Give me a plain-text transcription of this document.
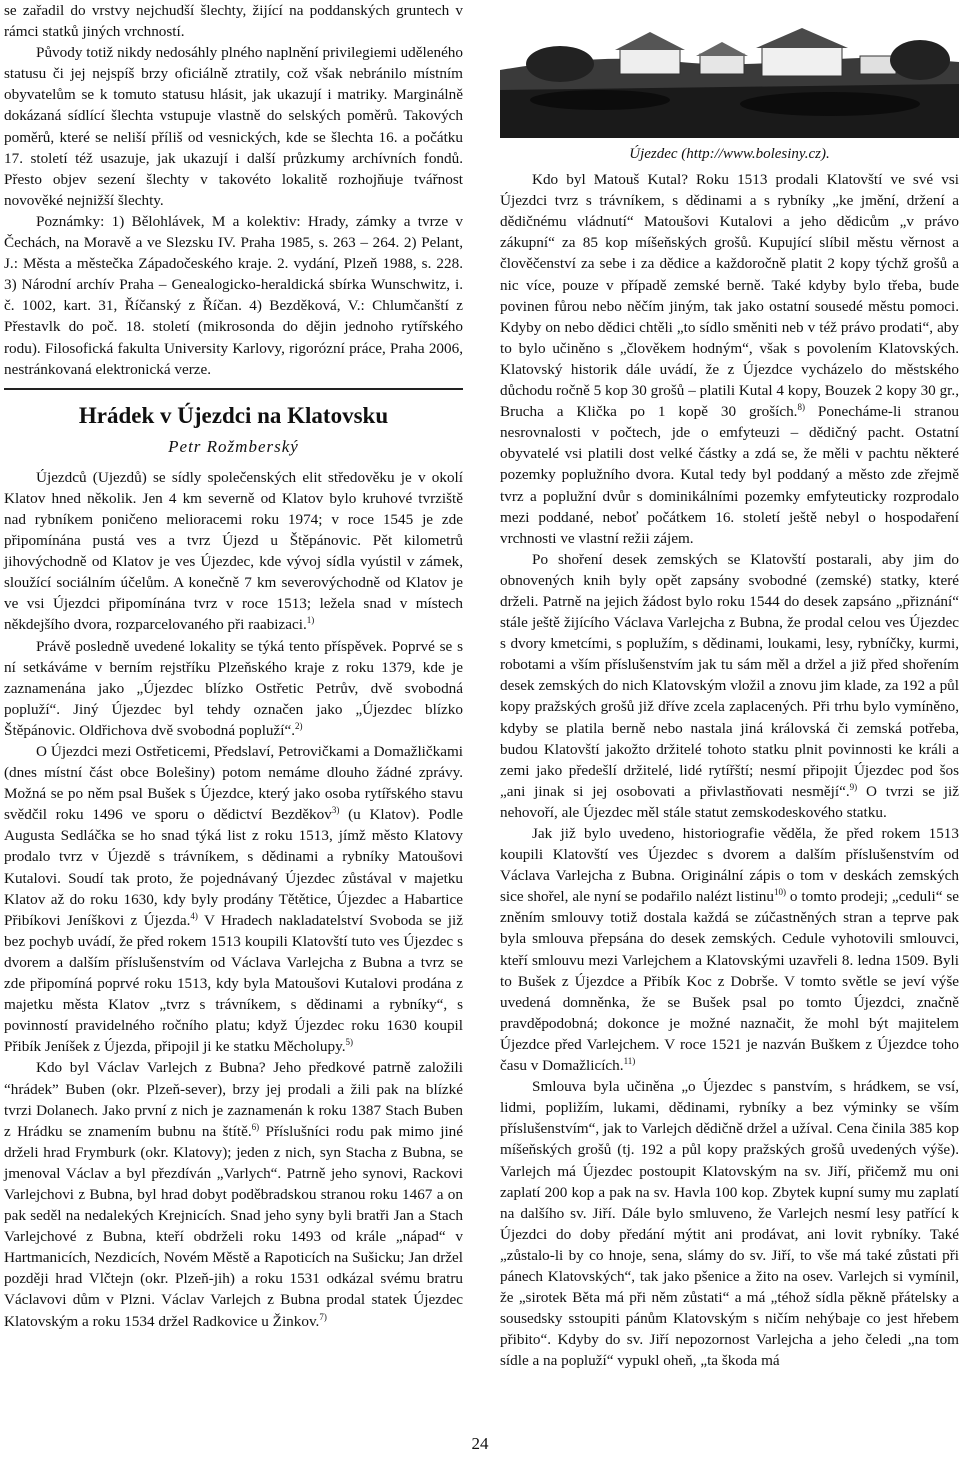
se zařadil do vrstvy nejchudší šlechty, žijící na poddanských gruntech v rámci statků jiných vrchností.

Původy totiž nikdy nedosáhly plného naplnění privilegiemi uděleného statusu či jej nejspíš brzy oficiálně ztratily, což však nebránilo místním obyvatelům se k tomuto statusu hlásit, jak ukazují i matriky. Marginálně dokázaná sídlící šlechta vstupuje vlastně do selských poměrů. Takových poměrů, které se neliší příliš od vesnických, kde se šlechta 16. a počátku 17. století též usazuje, jak ukazují i další průzkumy archívních fondů. Přesto objev sezení šlechty v takovéto lokalitě rozhojňuje tvářnost novověké nejnižší šlechty.

Poznámky: 1) Bělohlávek, M a kolektiv: Hrady, zámky a tvrze v Čechách, na Moravě a ve Slezsku IV. Praha 1985, s. 263 – 264. 2) Pelant, J.: Města a městečka Západočeského kraje. 2. vydání, Plzeň 1988, s. 228. 3) Národní archív Praha – Genealogicko-heraldická sbírka Wunschwitz, i. č. 1002, kart. 31, Říčanský z Říčan. 4) Bezděková, V.: Chlumčanští z Přestavlk do poč. 18. století (mikrosonda do dějin jednoho rytířského rodu). Filosofická fakulta University Karlovy, rigorózní práce, Praha 2006, nestránkovaná elektronická verze.

Hrádek v Újezdci na Klatovsku
Petr Rožmberský

Újezdců (Ujezdů) se sídly společenských elit středověku je v okolí Klatov hned několik. Jen 4 km severně od Klatov bylo kruhové tvrziště nad rybníkem poničeno melioracemi roku 1974; v roce 1545 je zde připomínána pustá ves a tvrz Újezd u Štěpánovic. Pět kilometrů jihovýchodně od Klatov je ves Újezdec, kde vývoj sídla vyústil v zámek, sloužící sociálním účelům. A konečně 7 km severovýchodně od Klatov je ve vsi Újezdci připomínána tvrz v roce 1513; ležela snad v místech někdejšího dvora, rozparcelovaného při raabizaci.$^{1)}$

Právě posledně uvedené lokality se týká tento příspěvek. Poprvé se s ní setkáváme v berním rejstříku Plzeňského kraje z roku 1379, kde je zaznamenána jako „Újezdec blízko Ostřetic Petrův, dvě svobodná popluží“. Jiný Újezdec byl tehdy označen jako „Újezdec blízko Štěpánovic. Oldřichova dvě svobodná popluží“.$^{2)}$

O Újezdci mezi Ostřeticemi, Předslaví, Petrovičkami a Domažličkami (dnes místní část obce Bolešiny) potom nemáme dlouho žádné zprávy. Možná se po něm psal Bušek s Újezdce, který jako osoba rytířského stavu svědčil roku 1496 ve sporu o dědictví Bezděkov$^{3)}$ (u Klatov). Podle Augusta Sedláčka se ho snad týká list z roku 1513, jímž město Klatovy prodalo tvrz v Újezdě s trávníkem, s dědinami a rybníky Matoušovi Kutalovi. Soudí tak proto, že pojednávaný Újezdec zůstával v majetku Klatov až do roku 1630, kdy byly prodány Tětětice, Újezdec a Habartice Přibíkovi Jeníškovi z Újezda.$^{4)}$ V Hradech nakladatelství Svoboda se již bez pochyb uvádí, že před rokem 1513 koupili Klatovští tuto ves Újezdec s dvorem a dalším příslušenstvím od Václava Varlejcha z Bubna a tvrz se zde připomíná poprvé roku 1513, kdy byla Matoušovi Kutalovi prodána z majetku města Klatov „tvrz s trávníkem, s dědinami a rybníky“, s povinností pravidelného ročního platu; když Újezdec roku 1630 koupil Přibík Jeníšek z Újezda, připojil ji ke statku Měcholupy.$^{5)}$

Kdo byl Václav Varlejch z Bubna? Jeho předkové patrně založili “hrádek” Buben (okr. Plzeň-sever), brzy jej prodali a žili pak na blízké tvrzi Dolanech. Jako první z nich je zaznamenán k roku 1387 Stach Buben z Hrádku se znamením bubnu na štítě.$^{6)}$ Příslušníci rodu pak mimo jiné drželi hrad Frymburk (okr. Klatovy); jeden z nich, syn Stacha z Bubna, se jmenoval Václav a byl přezdíván „Varlych“. Patrně jeho synovi, Rackovi Varlejchovi z Bubna, byl hrad dobyt poděbradskou stranou roku 1467 a on pak seděl na nedalekých Krejnicích. Snad jeho syny byli bratři Jan a Stach Varlejchové z Bubna, kteří obdrželi roku 1493 od krále „nápad“ v Hartmanicích, Nezdicích, Novém Městě a Rapoticích na Sušicku; Jan držel později hrad Vlčtejn (okr. Plzeň-jih) a roku 1531 odkázal svému bratru Václavovi dům v Plzni. Václav Varlejch z Bubna prodal statek Újezdec Klatovským a roku 1534 držel Radkovice u Žinkov.$^{7)}$

Újezdec (http://www.bolesiny.cz).

Kdo byl Matouš Kutal? Roku 1513 prodali Klatovští ve své vsi Újezdci tvrz s trávníkem, s dědinami a s rybníky „ke jmění, držení a dědičnému vládnutí“ Matoušovi Kutalovi a jeho dědicům „v právo zákupní“ za 85 kop míšeňských grošů. Kupující slíbil městu věrnost a člověčenství za sebe i za dědice a každoročně platit 2 kopy týchž grošů a nic více, pouze v případě zemské berně. Také kdyby bylo třeba, bude povinen fůrou nebo něčím jiným, tak jako ostatní sousedé městu pomoci. Kdyby on nebo dědici chtěli „to sídlo směniti neb v též právo prodati“, aby to bylo učiněno s „člověkem hodným“, však s povolením Klatovských. Klatovský historik dále uvádí, že z Újezdce vycházelo do městského důchodu ročně 5 kop 30 grošů – platili Kutal 4 kopy, Bouzek 2 kopy 30 gr., Brucha a Klička po 1 kopě 30 groších.$^{8)}$ Ponecháme-li stranou nesrovnalosti v počtech, jde o emfyteuzi – dědičný pacht. Ostatní obyvatelé vsi platili dost velké částky a zdá se, že měli v pachtu některé pozemky poplužního dvora. Kutal tedy byl poddaný a město zde zřejmě tvrz a poplužní dvůr s dominikálními pozemky emfyteuticky rozprodalo mezi poddané, neboť počátkem 16. století ještě nebyl o hospodaření vrchnosti ve vlastní režii zájem.

Po shoření desek zemských se Klatovští postarali, aby jim do obnovených knih byly opět zapsány svobodné (zemské) statky, které drželi. Patrně na jejich žádost bylo roku 1544 do desek zapsáno „přiznání“ stále ještě žijícího Václava Varlejcha z Bubna, že prodal celou ves Újezdec s dvory kmetcími, s poplužím, s dědinami, loukami, lesy, rybníčky, kurmi, robotami a vším příslušenstvím jak tu sám měl a držel a již před shořením desek zemských do nich Klatovským vložil a znovu jim klade, za 192 a půl kopy pražských grošů již dříve zcela zaplacených. Při trhu bylo vymíněno, kdyby se platila berně nebo nastala jiná královská či zemská potřeba, budou Klatovští jakožto držitelé tohoto statku plnit povinnosti ke králi a zemi jako předešlí držitelé, lidé rytířští; nesmí připojit Újezdec pod šos „ani jinak si jej osobovati a přivlastňovati nesmějí“.$^{9)}$ O tvrzi se již nehovoří, ale Újezdec měl stále statut zemskodeskového statku.

Jak již bylo uvedeno, historiografie věděla, že před rokem 1513 koupili Klatovští ves Újezdec s dvorem a dalším příslušenstvím od Václava Varlejcha z Bubna. Originální zápis o tom v deskách zemských sice shořel, ale nyní se podařilo nalézt listinu$^{10)}$ o tomto prodeji; „ceduli“ se zněním smlouvy totiž dostala každá se zúčastněných stran a teprve pak byla smlouva přepsána do desek zemských. Cedule vyhotovili smlouvci, kteří smlouvu mezi Varlejchem a Klatovskými uzavřeli 8. ledna 1509. Byli to Bušek z Újezdce a Přibík Koc z Dobrše. V tomto světle se jeví výše uvedená domněnka, že se Bušek psal po tomto Újezdci, značně pravděpodobná; dokonce je možné naznačit, že mohl být majitelem Újezdce před Varlejchem. V roce 1521 je nazván Buškem z Újezdce toho času v Domažlicích.$^{11)}$

Smlouva byla učiněna „o Újezdec s panstvím, s hrádkem, se vsí, lidmi, popližím, lukami, dědinami, rybníky a bez výminky se vším příslušenstvím“, jak to Varlejch dědičně držel a užíval. Cena činila 385 kop míšeňských grošů (tj. 192 a půl kopy pražských grošů uvedených výše). Varlejch má Újezdec postoupit Klatovským na sv. Jiří, přičemž mu oni zaplatí 200 kop a pak na sv. Havla 100 kop. Zbytek kupní sumy mu zaplatí na dalšího sv. Jiří. Dále bylo smluveno, že Varlejch nesmí lesy patřící k Újezdci do doby předání mýtit ani prodávat, ani lovit rybníky. Také „zůstalo-li by co hnoje, sena, slámy do sv. Jiří, to vše má také zůstati při pánech Klatovských“, tak jako pšenice a žito na osev. Varlejch si vymínil, že „sirotek Běta má při něm zůstati“ a má „téhož sídla pěkně přátelsky a sousedsky sstoupiti pánům Klatovským s ničím nehýbaje co jest hřebem přibito“. Kdyby do sv. Jiří nepozornost Varlejcha a jeho čeledi „na tom sídle a na popluží“ vypukl oheň, „ta škoda má

24
